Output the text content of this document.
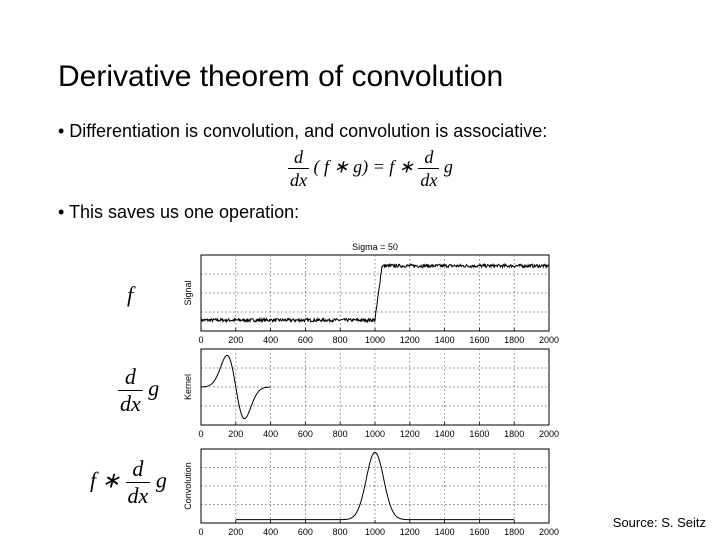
Derivative theorem of convolution
• Differentiation is convolution, and convolution is associative:
$\frac{d}{dx}$ ( f ∗ g) = f ∗ $\frac{d}{dx}$ g
• This saves us one operation:
f
$\frac{d}{dx}$ g
f ∗ $\frac{d}{dx}$ g
0	200 400 600 800 1000 1200 1400 1600 1800 2000
Sigma = 50
Signal
0	200 400 600 800 1000 1200 1400 1600 1800 2000
Kernel
0	200 400 600 800 1000 1200 1400 1600 1800 2000
Convolution
Source: S. Seitz
